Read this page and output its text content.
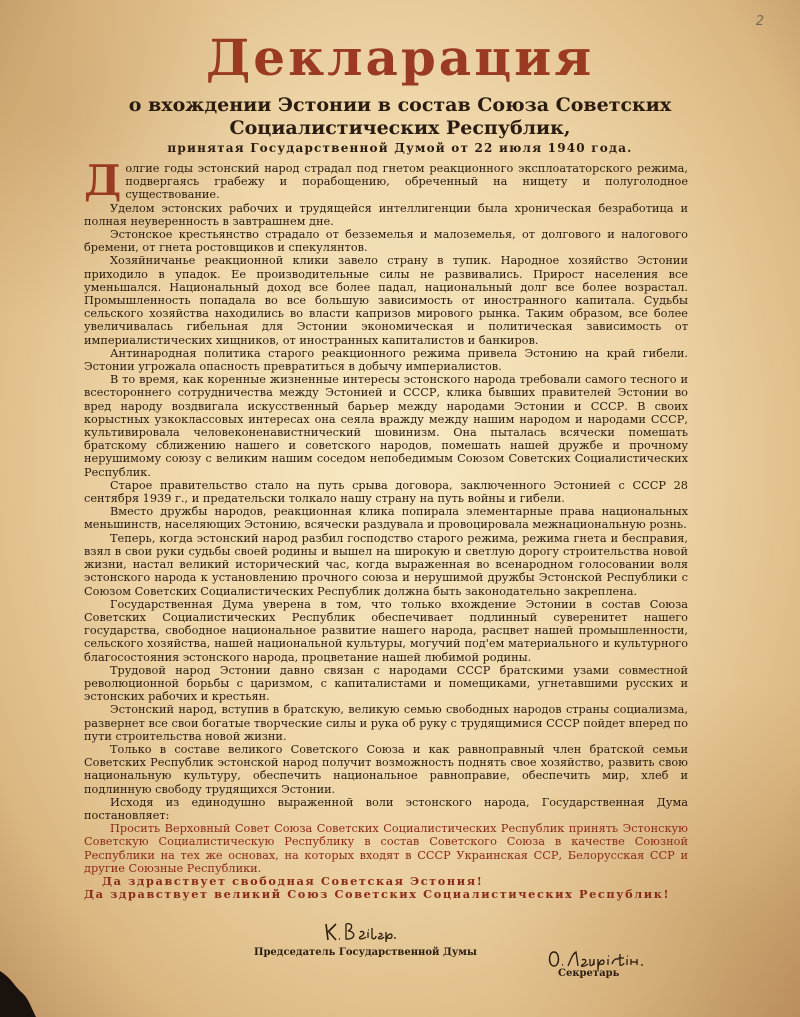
2
Декларация
о вхождении Эстонии в состав Союза Советских
Социалистических Республик,
принятая Государственной Думой от 22 июля 1940 года.

Долгие годы эстонский народ страдал под гнетом реакционного эксплоататорского режима, подвергаясь грабежу и порабощению, обреченный на нищету и полуголодное существование.

Уделом эстонских рабочих и трудящейся интеллигенции была хроническая безработица и полная неуверенность в завтрашнем дне.

Эстонское крестьянство страдало от безземелья и малоземелья, от долгового и налогового бремени, от гнета ростовщиков и спекулянтов.

Хозяйничанье реакционной клики завело страну в тупик. Народное хозяйство Эстонии приходило в упадок. Ее производительные силы не развивались. Прирост населения все уменьшался. Национальный доход все более падал, национальный долг все более возрастал. Промышленность попадала во все большую зависимость от иностранного капитала. Судьбы сельского хозяйства находились во власти капризов мирового рынка. Таким образом, все более увеличивалась гибельная для Эстонии экономическая и политическая зависимость от империалистических хищников, от иностранных капиталистов и банкиров.

Антинародная политика старого реакционного режима привела Эстонию на край гибели. Эстонии угрожала опасность превратиться в добычу империалистов.

В то время, как коренные жизненные интересы эстонского народа требовали самого тесного и всестороннего сотрудничества между Эстонией и СССР, клика бывших правителей Эстонии во вред народу воздвигала искусственный барьер между народами Эстонии и СССР. В своих корыстных узкоклассовых интересах она сеяла вражду между нашим народом и народами СССР, культивировала человеконенавистнический шовинизм. Она пыталась всячески помешать братскому сближению нашего и советского народов, помешать нашей дружбе и прочному нерушимому союзу с великим нашим соседом непобедимым Союзом Советских Социалистических Республик.

Старое правительство стало на путь срыва договора, заключенного Эстонией с СССР 28 сентября 1939 г., и предательски толкало нашу страну на путь войны и гибели.

Вместо дружбы народов, реакционная клика попирала элементарные права национальных меньшинств, населяющих Эстонию, всячески раздувала и провоцировала межнациональную рознь.

Теперь, когда эстонский народ разбил господство старого режима, режима гнета и бесправия, взял в свои руки судьбы своей родины и вышел на широкую и светлую дорогу строительства новой жизни, настал великий исторический час, когда выраженная во всенародном голосовании воля эстонского народа к установлению прочного союза и нерушимой дружбы Эстонской Республики с Союзом Советских Социалистических Республик должна быть законодательно закреплена.

Государственная Дума уверена в том, что только вхождение Эстонии в состав Союза Советских Социалистических Республик обеспечивает подлинный суверенитет нашего государства, свободное национальное развитие нашего народа, расцвет нашей промышленности, сельского хозяйства, нашей национальной культуры, могучий под'ем материального и культурного благосостояния эстонского народа, процветание нашей любимой родины.

Трудовой народ Эстонии давно связан с народами СССР братскими узами совместной революционной борьбы с царизмом, с капиталистами и помещиками, угнетавшими русских и эстонских рабочих и крестьян.

Эстонский народ, вступив в братскую, великую семью свободных народов страны социализма, развернет все свои богатые творческие силы и рука об руку с трудящимися СССР пойдет вперед по пути строительства новой жизни.

Только в составе великого Советского Союза и как равноправный член братской семьи Советских Республик эстонской народ получит возможность поднять свое хозяйство, развить свою национальную культуру, обеспечить национальное равноправие, обеспечить мир, хлеб и подлинную свободу трудящихся Эстонии.

Исходя из единодушно выраженной воли эстонского народа, Государственная Дума постановляет:

Просить Верховный Совет Союза Советских Социалистических Республик принять Эстонскую Советскую Социалистическую Республику в состав Советского Союза в качестве Союзной Республики на тех же основах, на которых входят в СССР Украинская ССР, Белорусская ССР и другие Союзные Республики.

Да здравствует свободная Советская Эстония!

Да здравствует великий Союз Советских Социалистических Республик!

Председатель Государственной Думы
Секретарь
